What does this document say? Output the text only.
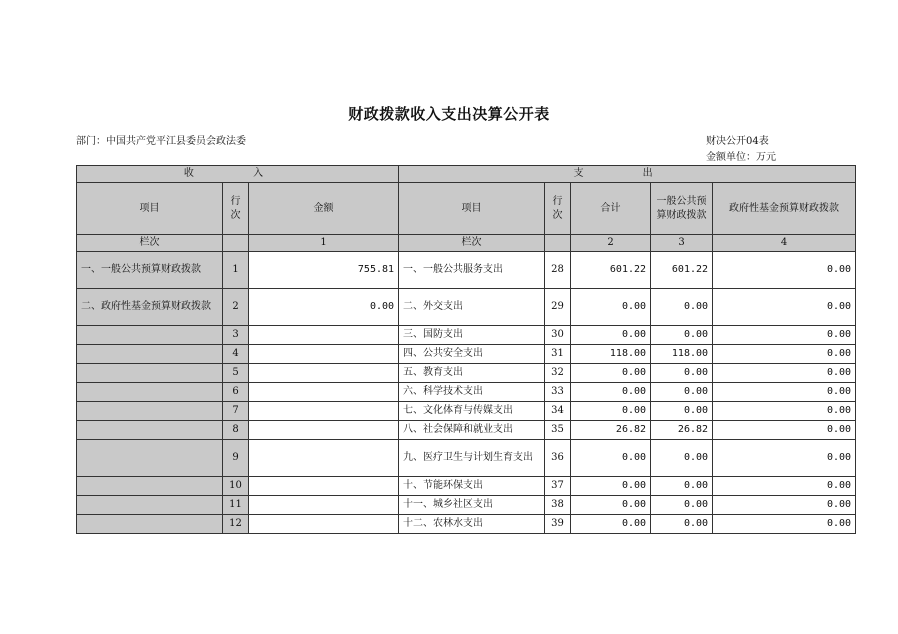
财政拨款收入支出决算公开表
部门：中国共产党平江县委员会政法委	财决公开04表
金额单位：万元
收 入			支 出				
项目	行次	金额	项目	行次	合计	一般公共预算财政拨款	政府性基金预算财政拨款
栏次		1	栏次		2	3	4
一、一般公共预算财政拨款	1	755.81	一、一般公共服务支出	28	601.22	601.22	0.00
二、政府性基金预算财政拨款	2	0.00	二、外交支出	29	0.00	0.00	0.00
	3		三、国防支出	30	0.00	0.00	0.00
	4		四、公共安全支出	31	118.00	118.00	0.00
	5		五、教育支出	32	0.00	0.00	0.00
	6		六、科学技术支出	33	0.00	0.00	0.00
	7		七、文化体育与传媒支出	34	0.00	0.00	0.00
	8		八、社会保障和就业支出	35	26.82	26.82	0.00
	9		九、医疗卫生与计划生育支出	36	0.00	0.00	0.00
	10		十、节能环保支出	37	0.00	0.00	0.00
	11		十一、城乡社区支出	38	0.00	0.00	0.00
	12		十二、农林水支出	39	0.00	0.00	0.00
